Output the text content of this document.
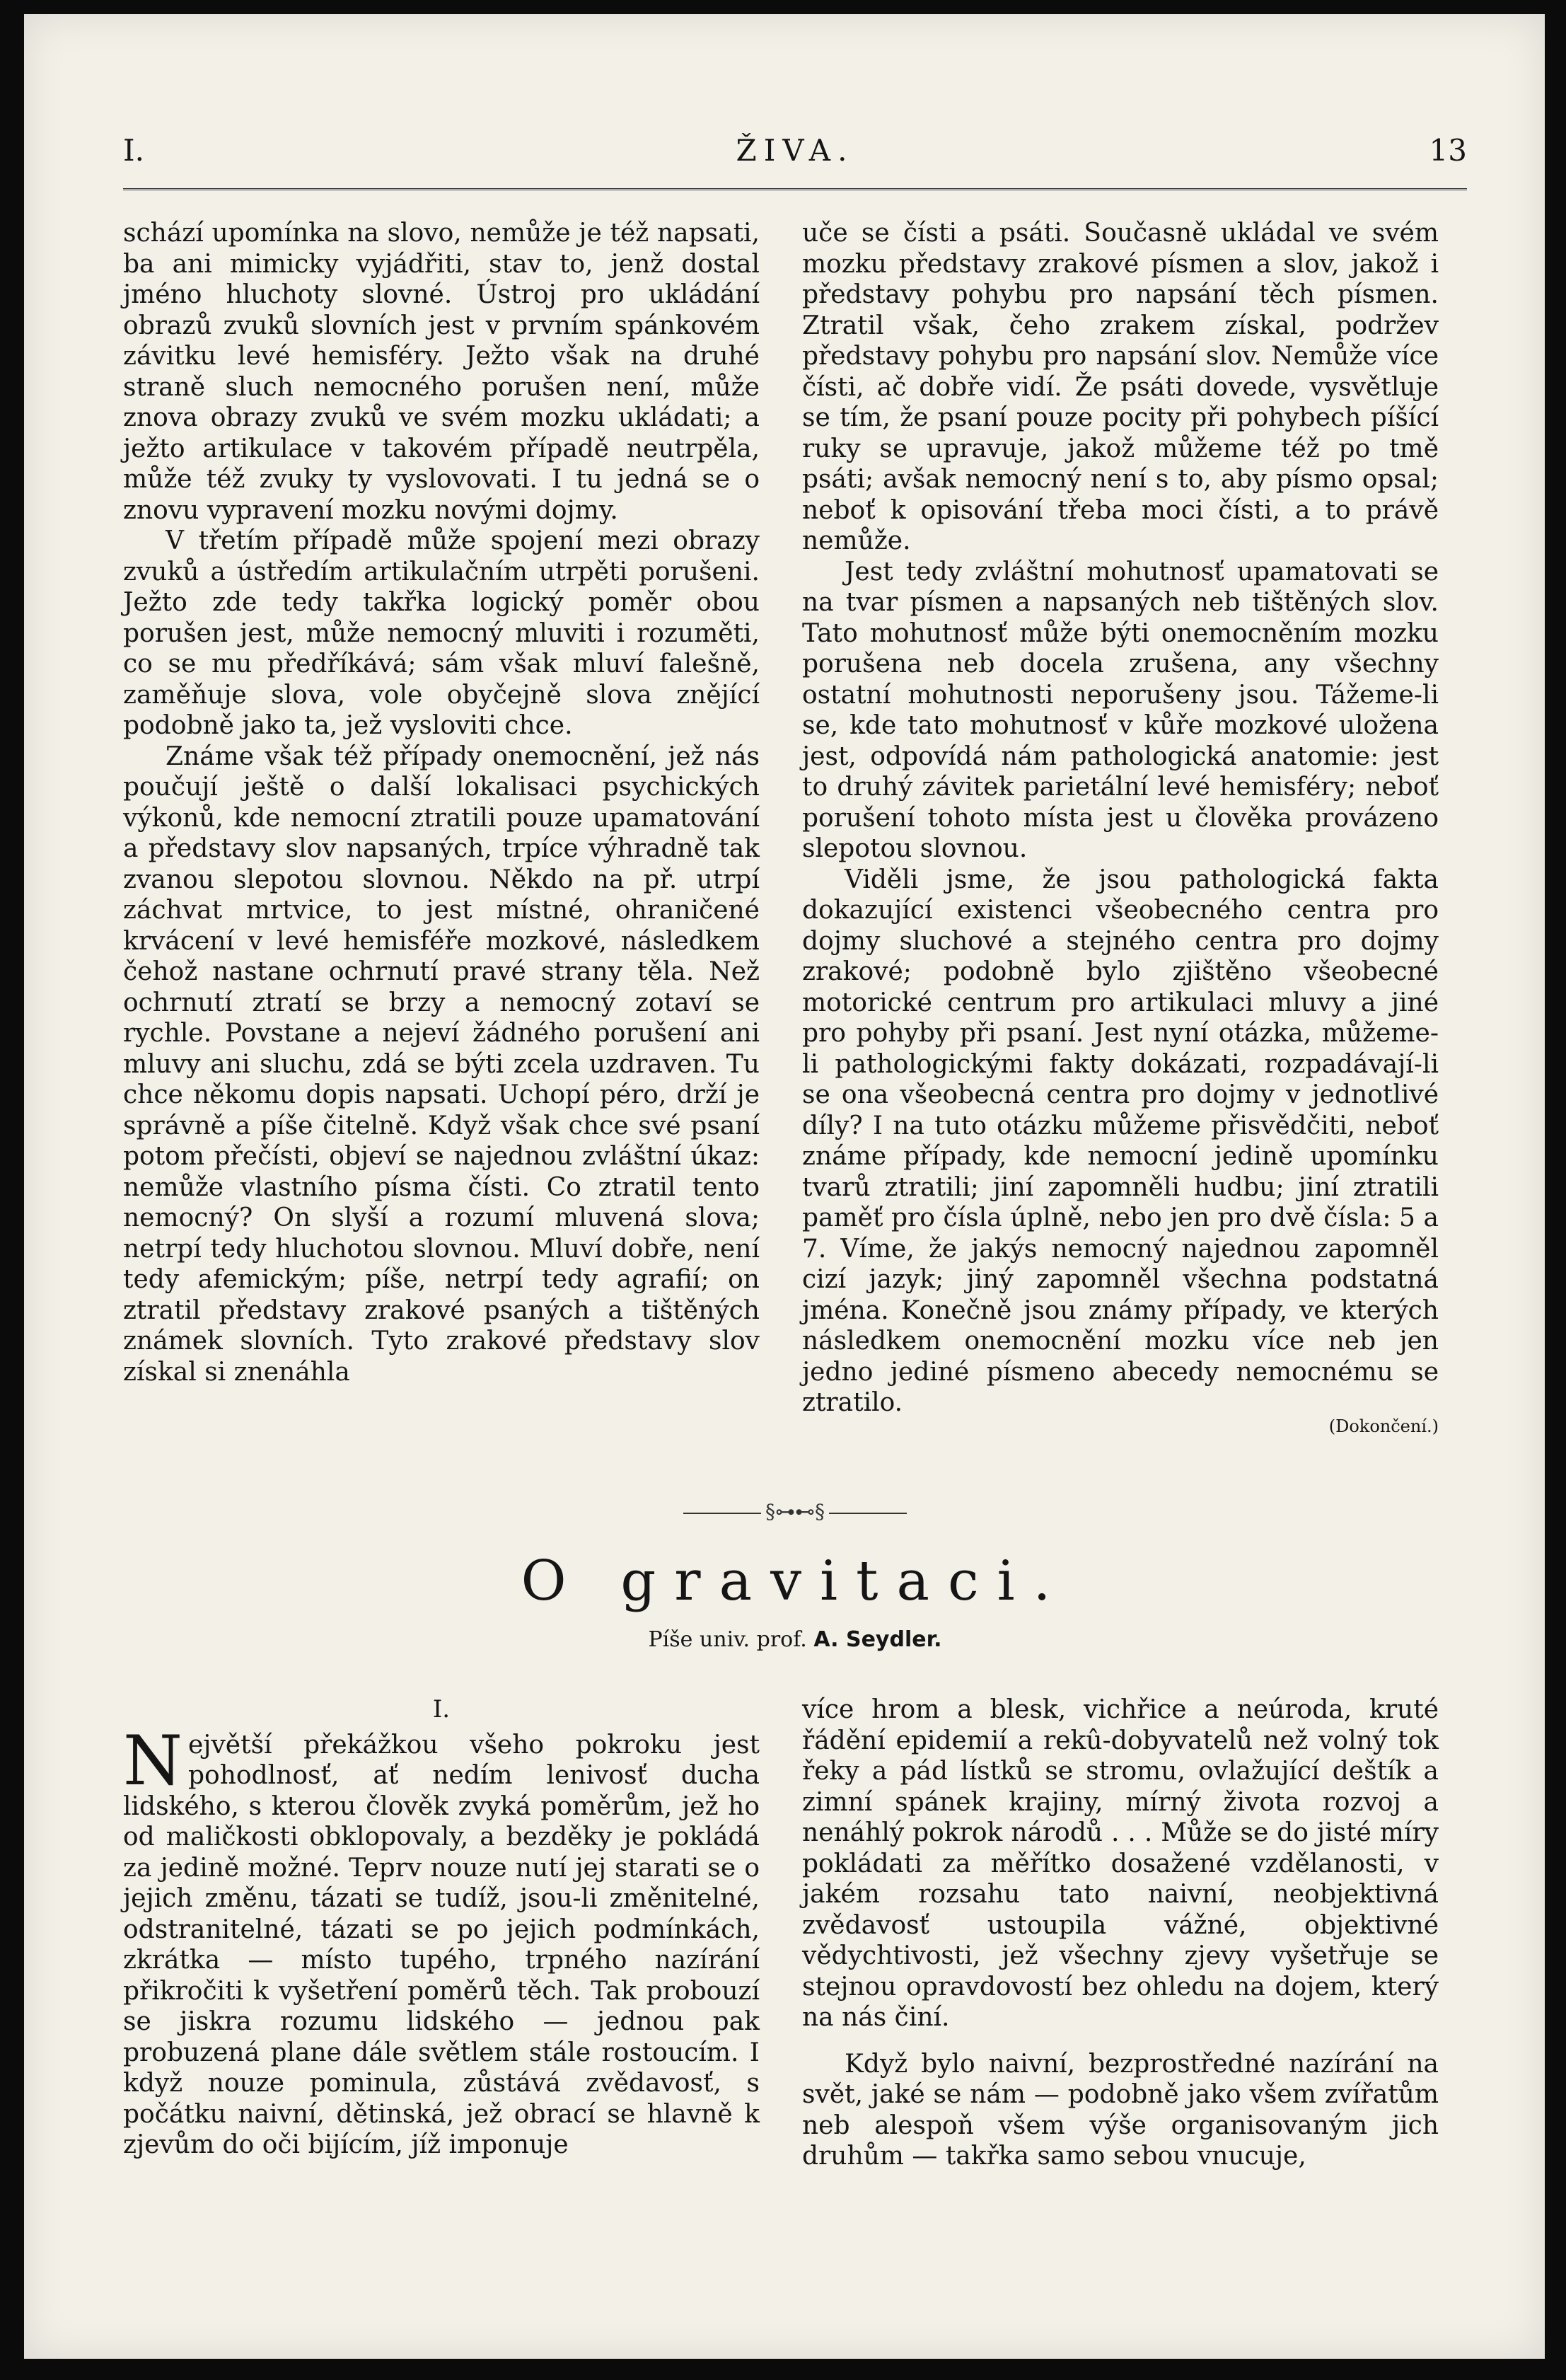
I.	ŽIVA.	13

schází upomínka na slovo, nemůže je též napsati, ba ani mimicky vyjádřiti, stav to, jenž dostal jméno hluchoty slovné. Ústroj pro ukládání obrazů zvuků slovních jest v prvním spánkovém závitku levé hemisféry. Ježto však na druhé straně sluch nemocného porušen není, může znova obrazy zvuků ve svém mozku ukládati; a ježto artikulace v takovém případě neutrpěla, může též zvuky ty vyslovovati. I tu jedná se o znovu vypravení mozku novými dojmy.

V třetím případě může spojení mezi obrazy zvuků a ústředím artikulačním utrpěti porušeni. Ježto zde tedy takřka logický poměr obou porušen jest, může nemocný mluviti i rozuměti, co se mu předříkává; sám však mluví falešně, zaměňuje slova, vole obyčejně slova znějící podobně jako ta, jež vysloviti chce.

Známe však též případy onemocnění, jež nás poučují ještě o další lokalisaci psychických výkonů, kde nemocní ztratili pouze upamatování a představy slov napsaných, trpíce výhradně tak zvanou slepotou slovnou. Někdo na př. utrpí záchvat mrtvice, to jest místné, ohraničené krvácení v levé hemisféře mozkové, následkem čehož nastane ochrnutí pravé strany těla. Než ochrnutí ztratí se brzy a nemocný zotaví se rychle. Povstane a nejeví žádného porušení ani mluvy ani sluchu, zdá se býti zcela uzdraven. Tu chce někomu dopis napsati. Uchopí péro, drží je správně a píše čitelně. Když však chce své psaní potom přečísti, objeví se najednou zvláštní úkaz: nemůže vlastního písma čísti. Co ztratil tento nemocný? On slyší a rozumí mluvená slova; netrpí tedy hluchotou slovnou. Mluví dobře, není tedy afemickým; píše, netrpí tedy agrafií; on ztratil představy zrakové psaných a tištěných známek slovních. Tyto zrakové představy slov získal si znenáhla

uče se čísti a psáti. Současně ukládal ve svém mozku představy zrakové písmen a slov, jakož i představy pohybu pro napsání těch písmen. Ztratil však, čeho zrakem získal, podržev představy pohybu pro napsání slov. Nemůže více čísti, ač dobře vidí. Že psáti dovede, vysvětluje se tím, že psaní pouze pocity při pohybech píšící ruky se upravuje, jakož můžeme též po tmě psáti; avšak nemocný není s to, aby písmo opsal; neboť k opisování třeba moci čísti, a to právě nemůže.

Jest tedy zvláštní mohutnosť upamatovati se na tvar písmen a napsaných neb tištěných slov. Tato mohutnosť může býti onemocněním mozku porušena neb docela zrušena, any všechny ostatní mohutnosti neporušeny jsou. Tážeme-li se, kde tato mohutnosť v kůře mozkové uložena jest, odpovídá nám pathologická anatomie: jest to druhý závitek parietální levé hemisféry; neboť porušení tohoto místa jest u člověka provázeno slepotou slovnou.

Viděli jsme, že jsou pathologická fakta dokazující existenci všeobecného centra pro dojmy sluchové a stejného centra pro dojmy zrakové; podobně bylo zjištěno všeobecné motorické centrum pro artikulaci mluvy a jiné pro pohyby při psaní. Jest nyní otázka, můžeme-li pathologickými fakty dokázati, rozpadávají-li se ona všeobecná centra pro dojmy v jednotlivé díly? I na tuto otázku můžeme přisvědčiti, neboť známe případy, kde nemocní jedině upomínku tvarů ztratili; jiní zapomněli hudbu; jiní ztratili paměť pro čísla úplně, nebo jen pro dvě čísla: 5 a 7. Víme, že jakýs nemocný najednou zapomněl cizí jazyk; jiný zapomněl všechna podstatná jména. Konečně jsou známy případy, ve kterých následkem onemocnění mozku více neb jen jedno jediné písmeno abecedy nemocnému se ztratilo.

(Dokončení.)
§⊶⊷§
O gravitaci.
Píše univ. prof. A. Seydler.
I.

N ejvětší překážkou všeho pokroku jest pohodlnosť, ať nedím lenivosť ducha lidského, s kterou člověk zvyká poměrům, jež ho od maličkosti obklopovaly, a bezděky je pokládá za jedině možné. Teprv nouze nutí jej starati se o jejich změnu, tázati se tudíž, jsou-li změnitelné, odstranitelné, tázati se po jejich podmínkách, zkrátka — místo tupého, trpného nazírání přikročiti k vyšetření poměrů těch. Tak probouzí se jiskra rozumu lidského — jednou pak probuzená plane dále světlem stále rostoucím. I když nouze pominula, zůstává zvědavosť, s počátku naivní, dětinská, jež obrací se hlavně k zjevům do oči bijícím, jíž imponuje

více hrom a blesk, vichřice a neúroda, kruté řádění epidemií a rekû-dobyvatelů než volný tok řeky a pád lístků se stromu, ovlažující deštík a zimní spánek krajiny, mírný života rozvoj a nenáhlý pokrok národů . . . Může se do jisté míry pokládati za měřítko dosažené vzdělanosti, v jakém rozsahu tato naivní, neobjektivná zvědavosť ustoupila vážné, objektivné vědychtivosti, jež všechny zjevy vyšetřuje se stejnou opravdovostí bez ohledu na dojem, který na nás činí.

Když bylo naivní, bezprostředné nazírání na svět, jaké se nám — podobně jako všem zvířatům neb alespoň všem výše organisovaným jich druhům — takřka samo sebou vnucuje,
